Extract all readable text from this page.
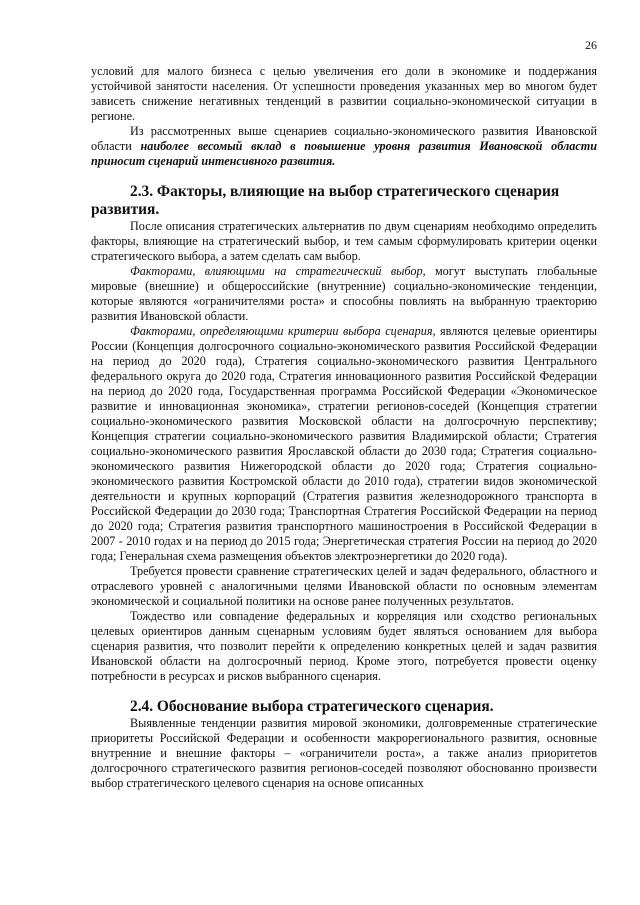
26

условий для малого бизнеса с целью увеличения его доли в экономике и поддержания устойчивой занятости населения. От успешности проведения указанных мер во многом будет зависеть снижение негативных тенденций в развитии социально-экономической ситуации в регионе.

Из рассмотренных выше сценариев социально-экономического развития Ивановской области наиболее весомый вклад в повышение уровня развития Ивановской области приносит сценарий интенсивного развития.

2.3. Факторы, влияющие на выбор стратегического сценария развития.

После описания стратегических альтернатив по двум сценариям необходимо определить факторы, влияющие на стратегический выбор, и тем самым сформулировать критерии оценки стратегического выбора, а затем сделать сам выбор.

Факторами, влияющими на стратегический выбор, могут выступать глобальные мировые (внешние) и общероссийские (внутренние) социально-экономические тенденции, которые являются «ограничителями роста» и способны повлиять на выбранную траекторию развития Ивановской области.

Факторами, определяющими критерии выбора сценария, являются целевые ориентиры России (Концепция долгосрочного социально-экономического развития Российской Федерации на период до 2020 года), Стратегия социально-экономического развития Центрального федерального округа до 2020 года, Стратегия инновационного развития Российской Федерации на период до 2020 года, Государственная программа Российской Федерации «Экономическое развитие и инновационная экономика», стратегии регионов-соседей (Концепция стратегии социально-экономического развития Московской области на долгосрочную перспективу; Концепция стратегии социально-экономического развития Владимирской области; Стратегия социально-экономического развития Ярославской области до 2030 года; Стратегия социально-экономического развития Нижегородской области до 2020 года; Стратегия социально-экономического развития Костромской области до 2010 года), стратегии видов экономической деятельности и крупных корпораций (Стратегия развития железнодорожного транспорта в Российской Федерации до 2030 года; Транспортная Стратегия Российской Федерации на период до 2020 года; Стратегия развития транспортного машиностроения в Российской Федерации в 2007 - 2010 годах и на период до 2015 года; Энергетическая стратегия России на период до 2020 года; Генеральная схема размещения объектов электроэнергетики до 2020 года).

Требуется провести сравнение стратегических целей и задач федерального, областного и отраслевого уровней с аналогичными целями Ивановской области по основным элементам экономической и социальной политики на основе ранее полученных результатов.

Тождество или совпадение федеральных и корреляция или сходство региональных целевых ориентиров данным сценарным условиям будет являться основанием для выбора сценария развития, что позволит перейти к определению конкретных целей и задач развития Ивановской области на долгосрочный период. Кроме этого, потребуется провести оценку потребности в ресурсах и рисков выбранного сценария.

2.4. Обоснование выбора стратегического сценария.

Выявленные тенденции развития мировой экономики, долговременные стратегические приоритеты Российской Федерации и особенности макрорегионального развития, основные внутренние и внешние факторы – «ограничители роста», а также анализ приоритетов долгосрочного стратегического развития регионов-соседей позволяют обоснованно произвести выбор стратегического целевого сценария на основе описанных
